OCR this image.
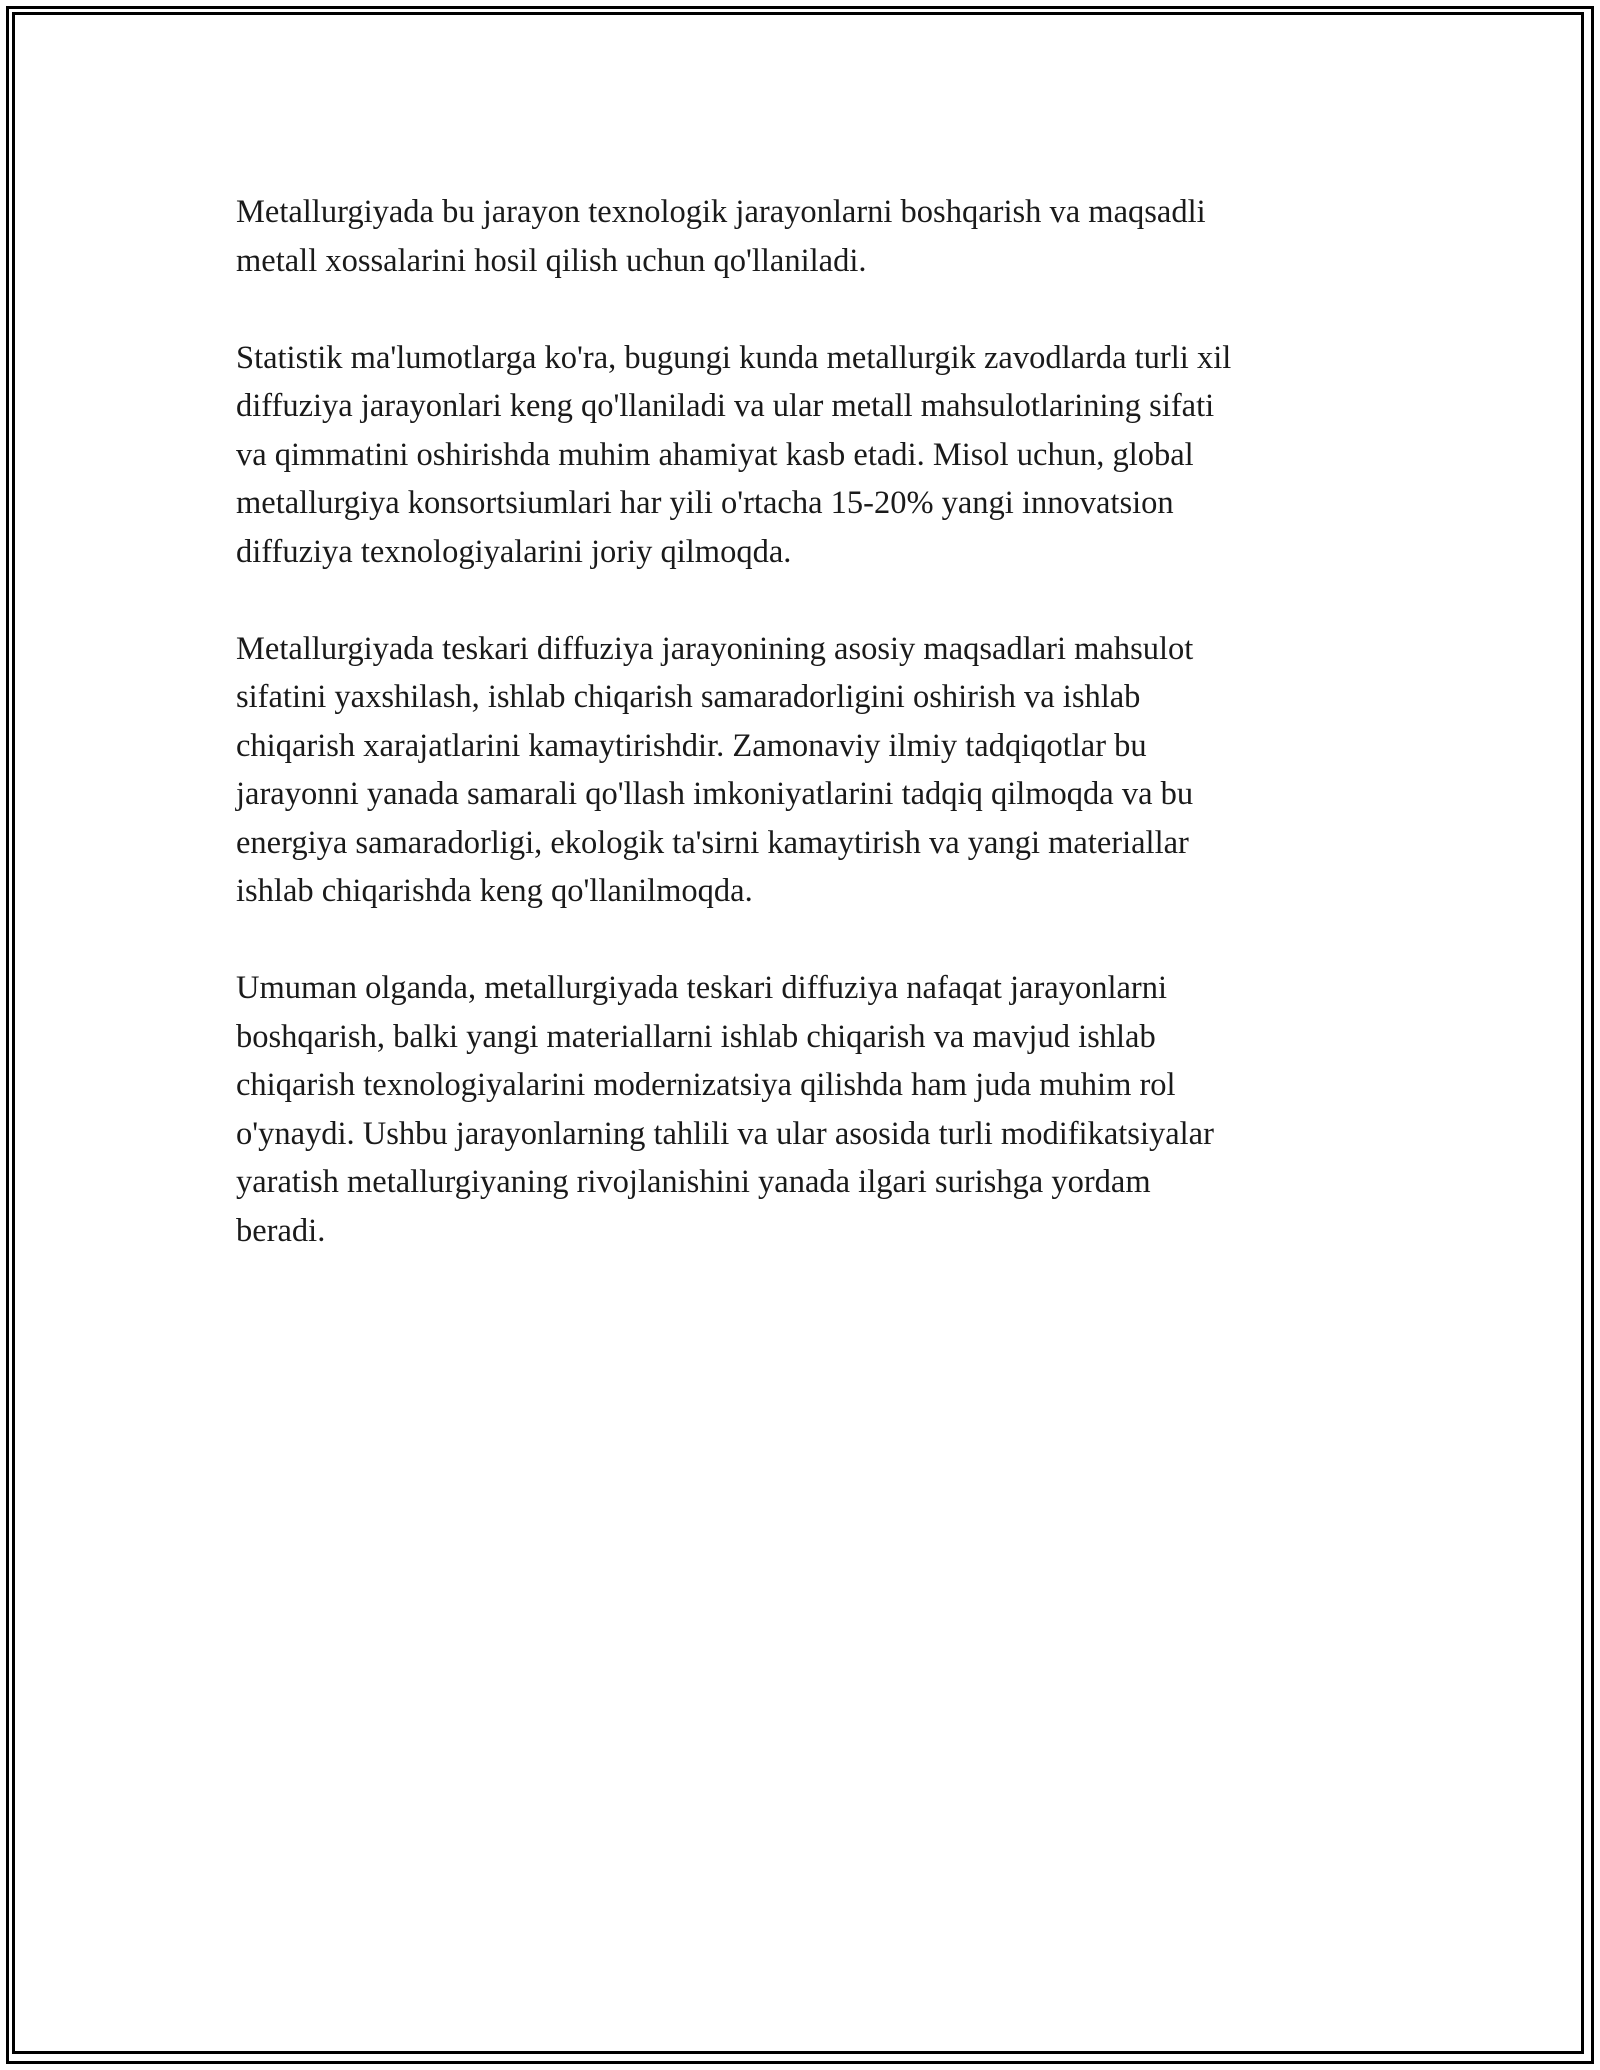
Metallurgiyada bu jarayon texnologik jarayonlarni boshqarish va maqsadli
metall xossalarini hosil qilish uchun qo'llaniladi.

Statistik ma'lumotlarga ko'ra, bugungi kunda metallurgik zavodlarda turli xil
diffuziya jarayonlari keng qo'llaniladi va ular metall mahsulotlarining sifati
va qimmatini oshirishda muhim ahamiyat kasb etadi. Misol uchun, global
metallurgiya konsortsiumlari har yili o'rtacha 15-20% yangi innovatsion
diffuziya texnologiyalarini joriy qilmoqda.

Metallurgiyada teskari diffuziya jarayonining asosiy maqsadlari mahsulot
sifatini yaxshilash, ishlab chiqarish samaradorligini oshirish va ishlab
chiqarish xarajatlarini kamaytirishdir. Zamonaviy ilmiy tadqiqotlar bu
jarayonni yanada samarali qo'llash imkoniyatlarini tadqiq qilmoqda va bu
energiya samaradorligi, ekologik ta'sirni kamaytirish va yangi materiallar
ishlab chiqarishda keng qo'llanilmoqda.

Umuman olganda, metallurgiyada teskari diffuziya nafaqat jarayonlarni
boshqarish, balki yangi materiallarni ishlab chiqarish va mavjud ishlab
chiqarish texnologiyalarini modernizatsiya qilishda ham juda muhim rol
o'ynaydi. Ushbu jarayonlarning tahlili va ular asosida turli modifikatsiyalar
yaratish metallurgiyaning rivojlanishini yanada ilgari surishga yordam
beradi.
